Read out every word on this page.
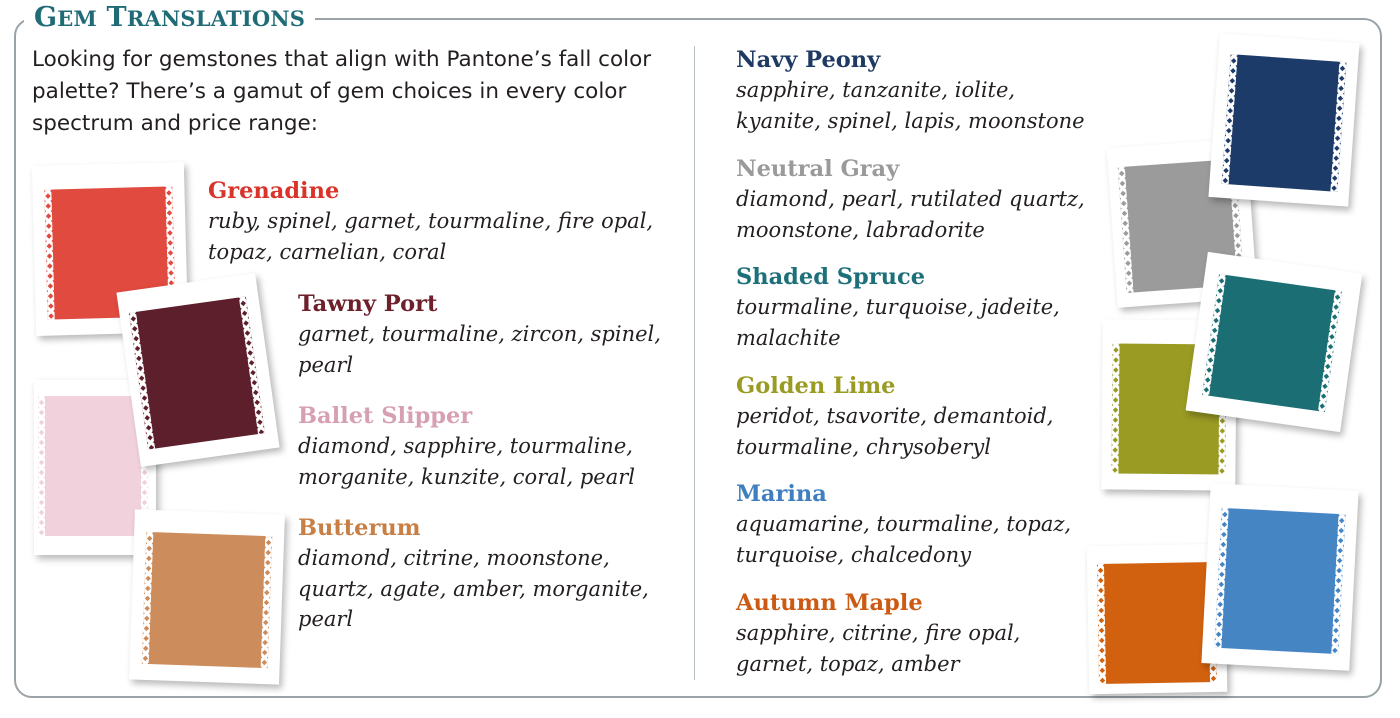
GEM TRANSLATIONS
Looking for gemstones that align with Pantone’s fall color palette? There’s a gamut of gem choices in every color spectrum and price range:
Grenadine
ruby, spinel, garnet, tourmaline, fire opal, topaz, carnelian, coral
Tawny Port
garnet, tourmaline, zircon, spinel, pearl
Ballet Slipper
diamond, sapphire, tourmaline, morganite, kunzite, coral, pearl
Butterum
diamond, citrine, moonstone, quartz, agate, amber, morganite, pearl
Navy Peony
sapphire, tanzanite, iolite, kyanite, spinel, lapis, moonstone
Neutral Gray
diamond, pearl, rutilated quartz, moonstone, labradorite
Shaded Spruce
tourmaline, turquoise, jadeite, malachite
Golden Lime
peridot, tsavorite, demantoid, tourmaline, chrysoberyl
Marina
aquamarine, tourmaline, topaz, turquoise, chalcedony
Autumn Maple
sapphire, citrine, fire opal, garnet, topaz, amber
